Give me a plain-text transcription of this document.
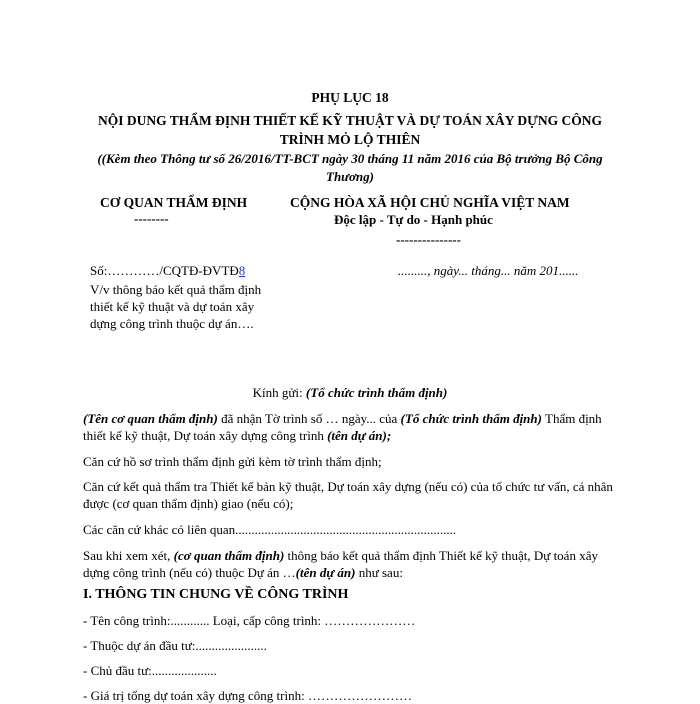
PHỤ LỤC 18
NỘI DUNG THẨM ĐỊNH THIẾT KẾ KỸ THUẬT VÀ DỰ TOÁN XÂY DỰNG CÔNG
TRÌNH MỎ LỘ THIÊN
((Kèm theo Thông tư số 26/2016/TT-BCT ngày 30 tháng 11 năm 2016 của Bộ trưởng Bộ Công
Thương)
CƠ QUAN THẨM ĐỊNH
--------
CỘNG HÒA XÃ HỘI CHỦ NGHĨA VIỆT NAM
Độc lập - Tự do - Hạnh phúc
---------------
Số:…………/CQTĐ-ĐVTĐ8	........., ngày... tháng... năm 201......
V/v thông báo kết quả thẩm định thiết kế kỹ thuật và dự toán xây dựng công trình thuộc dự án….
Kính gửi: (Tổ chức trình thẩm định)
(Tên cơ quan thẩm định) đã nhận Tờ trình số … ngày... của (Tổ chức trình thẩm định) Thẩm định thiết kế kỹ thuật, Dự toán xây dựng công trình (tên dự án);
Căn cứ hồ sơ trình thẩm định gửi kèm tờ trình thẩm định;
Căn cứ kết quả thẩm tra Thiết kế bản kỹ thuật, Dự toán xây dựng (nếu có) của tổ chức tư vấn, cá nhân được (cơ quan thẩm định) giao (nếu có);
Các căn cứ khác có liên quan....................................................................
Sau khi xem xét, (cơ quan thẩm định) thông báo kết quả thẩm định Thiết kế kỹ thuật, Dự toán xây dựng công trình (nếu có) thuộc Dự án …(tên dự án) như sau:
I. THÔNG TIN CHUNG VỀ CÔNG TRÌNH
- Tên công trình:............ Loại, cấp công trình: …………………
- Thuộc dự án đầu tư:......................
- Chủ đầu tư:....................
- Giá trị tổng dự toán xây dựng công trình: ……………………
